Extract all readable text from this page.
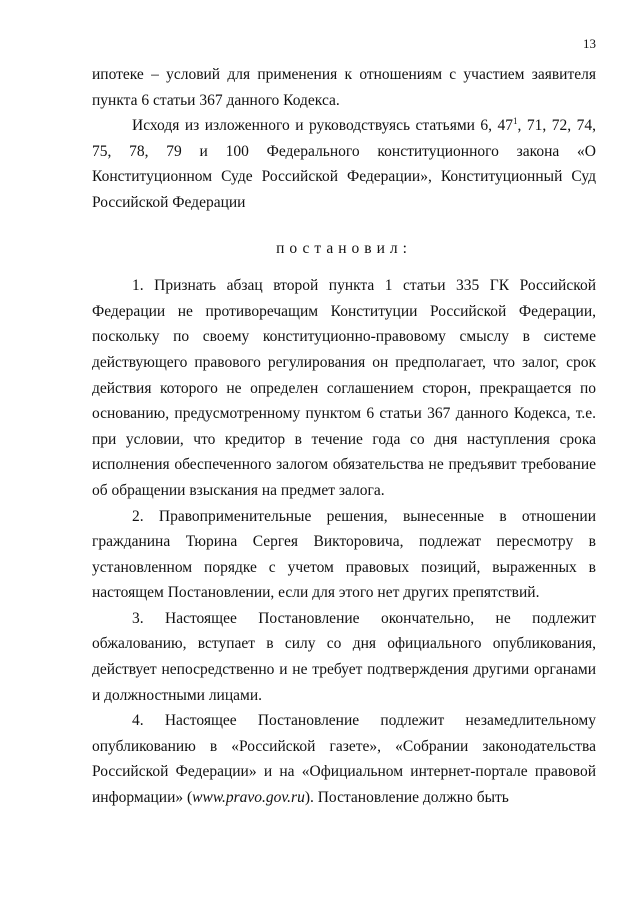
13

ипотеке – условий для применения к отношениям с участием заявителя пункта 6 статьи 367 данного Кодекса.

Исходя из изложенного и руководствуясь статьями 6, $47^1$, 71, 72, 74, 75, 78, 79 и 100 Федерального конституционного закона «О Конституционном Суде Российской Федерации», Конституционный Суд Российской Федерации

постановил:

1. Признать абзац второй пункта 1 статьи 335 ГК Российской Федерации не противоречащим Конституции Российской Федерации, поскольку по своему конституционно-правовому смыслу в системе действующего правового регулирования он предполагает, что залог, срок действия которого не определен соглашением сторон, прекращается по основанию, предусмотренному пунктом 6 статьи 367 данного Кодекса, т.е. при условии, что кредитор в течение года со дня наступления срока исполнения обеспеченного залогом обязательства не предъявит требование об обращении взыскания на предмет залога.

2. Правоприменительные решения, вынесенные в отношении гражданина Тюрина Сергея Викторовича, подлежат пересмотру в установленном порядке с учетом правовых позиций, выраженных в настоящем Постановлении, если для этого нет других препятствий.

3. Настоящее Постановление окончательно, не подлежит обжалованию, вступает в силу со дня официального опубликования, действует непосредственно и не требует подтверждения другими органами и должностными лицами.

4. Настоящее Постановление подлежит незамедлительному опубликованию в «Российской газете», «Собрании законодательства Российской Федерации» и на «Официальном интернет-портале правовой информации» (www.pravo.gov.ru). Постановление должно быть
